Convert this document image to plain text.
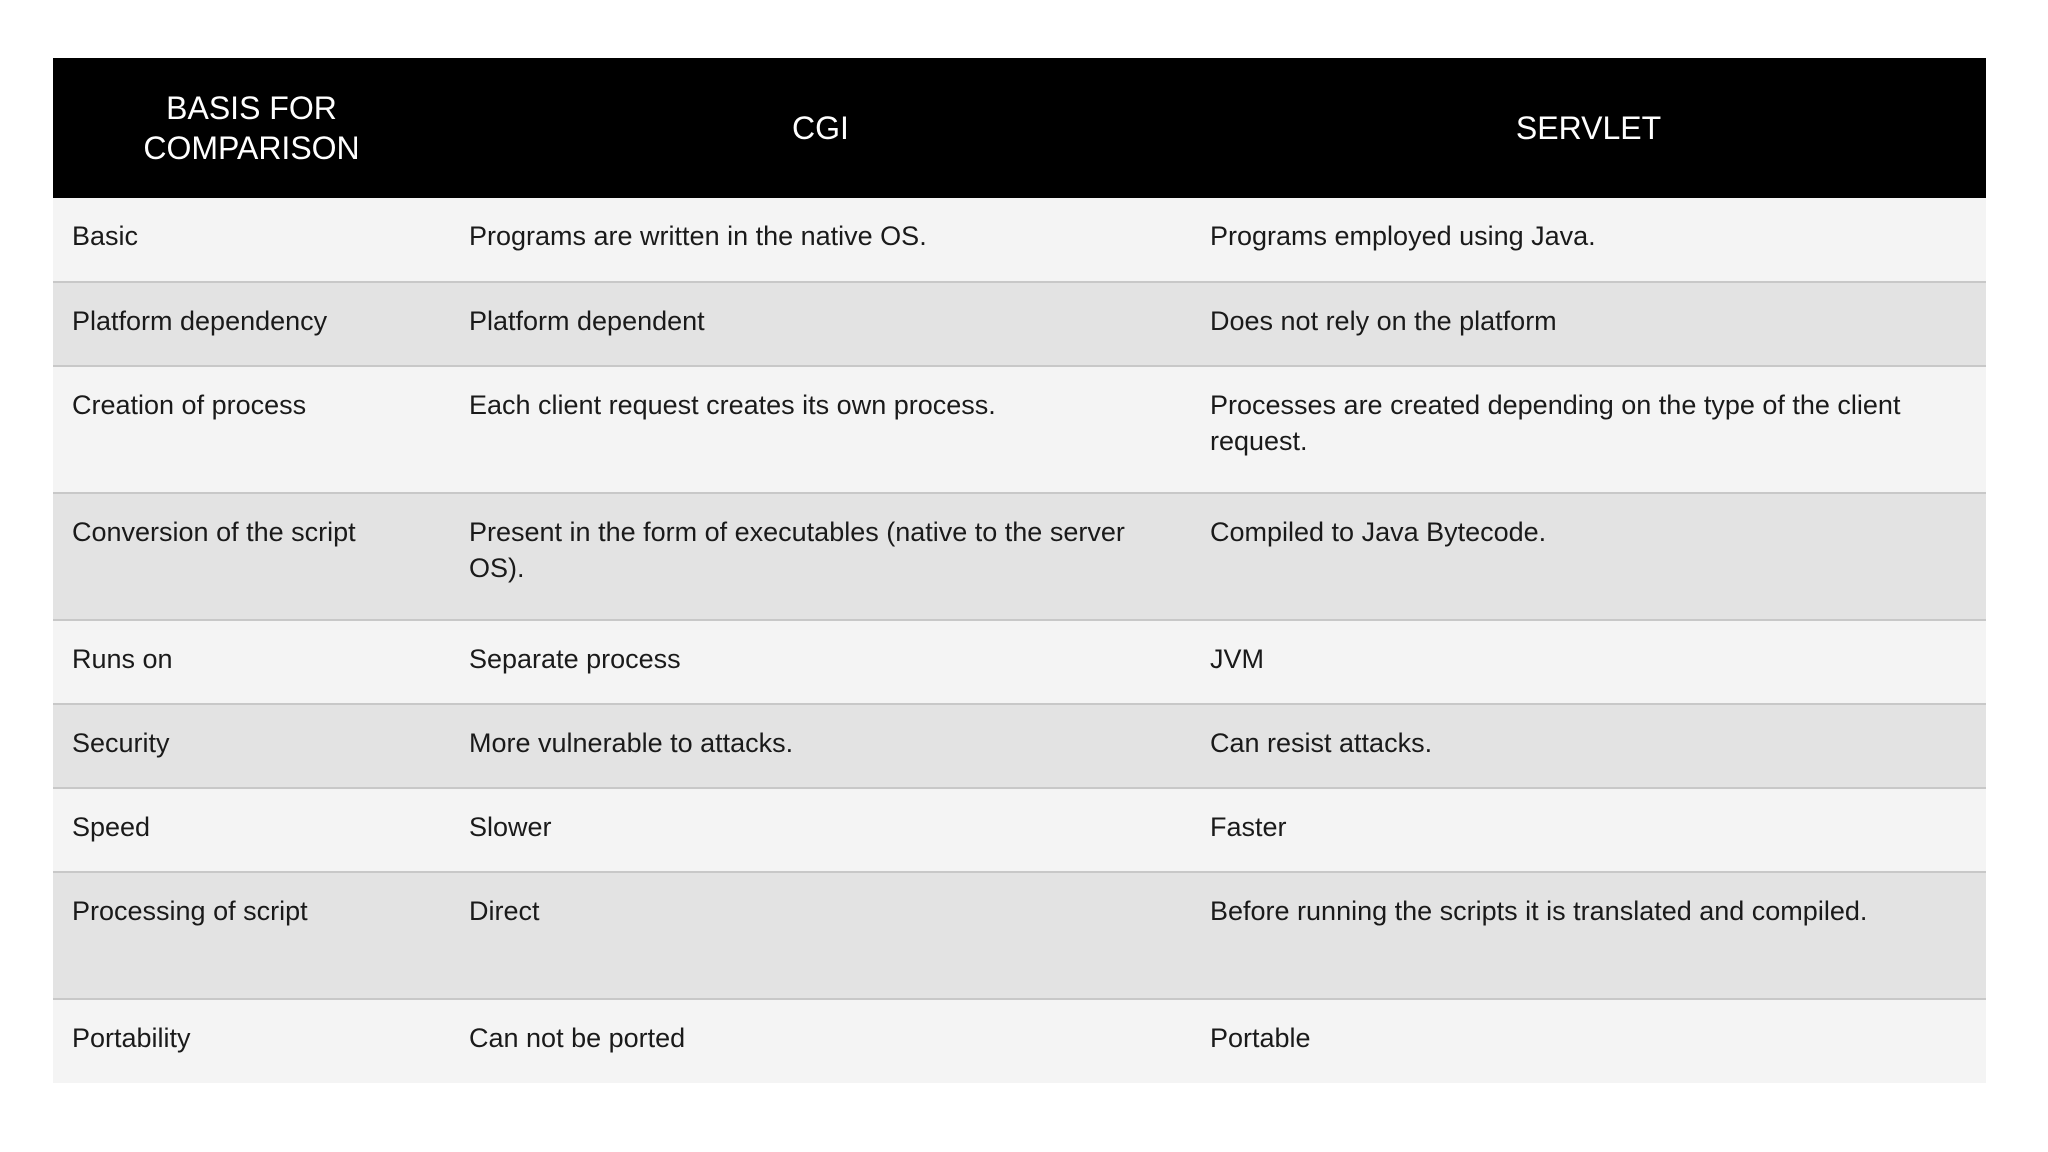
BASIS FOR COMPARISON	CGI	SERVLET
Basic	Programs are written in the native OS.	Programs employed using Java.
Platform dependency	Platform dependent	Does not rely on the platform
Creation of process	Each client request creates its own process.	Processes are created depending on the type of the client request.
Conversion of the script	Present in the form of executables (native to the server OS).	Compiled to Java Bytecode.
Runs on	Separate process	JVM
Security	More vulnerable to attacks.	Can resist attacks.
Speed	Slower	Faster
Processing of script	Direct	Before running the scripts it is translated and compiled.
Portability	Can not be ported	Portable
